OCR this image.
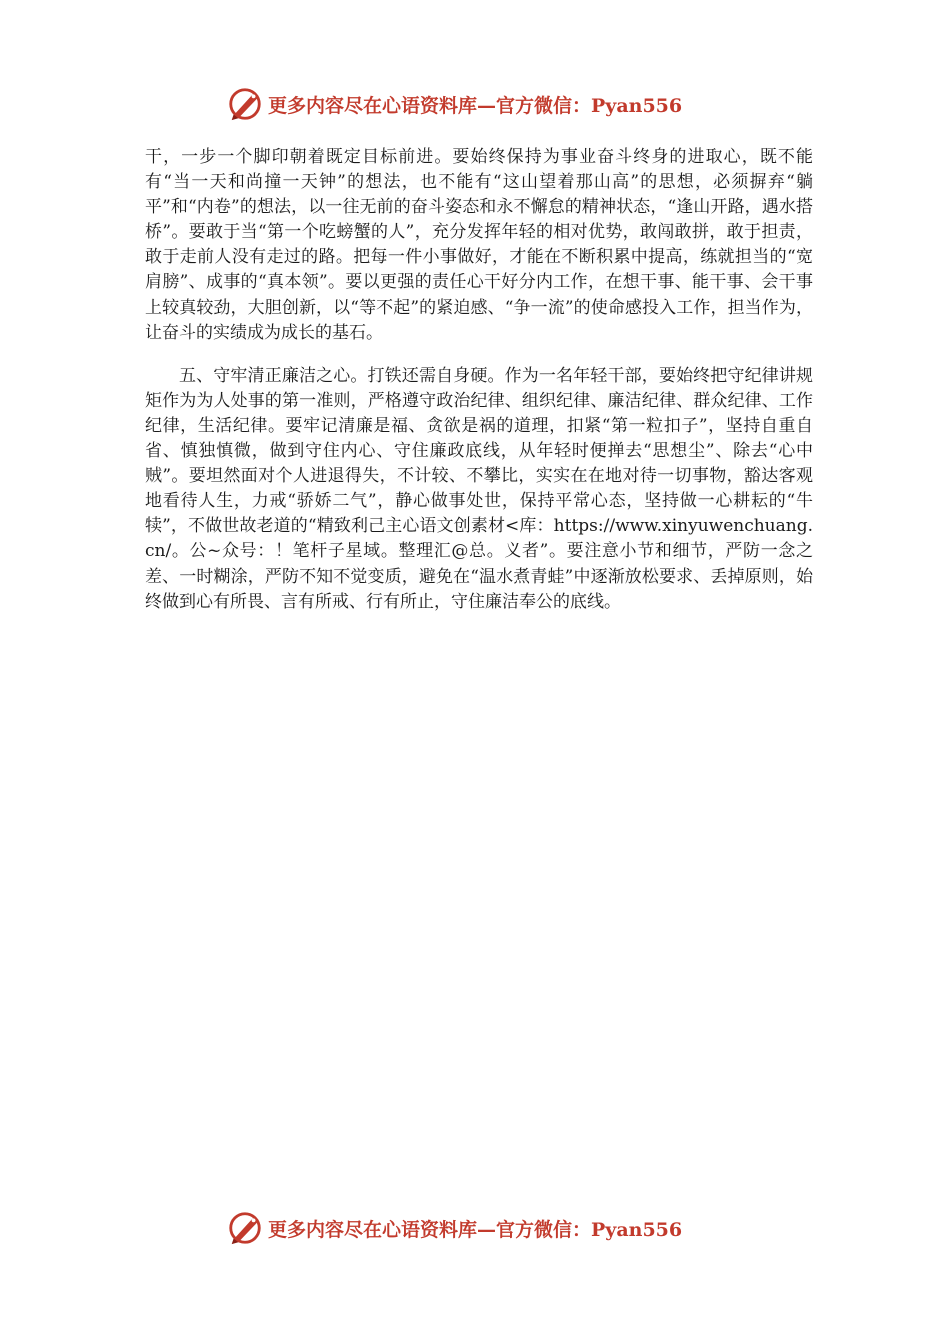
更多内容尽在心语资料库—官方微信：Pyan556

干，一步一个脚印朝着既定目标前进。要始终保持为事业奋斗终身的进取心，既不能有“当一天和尚撞一天钟”的想法，也不能有“这山望着那山高”的思想，必须摒弃“躺平”和“内卷”的想法，以一往无前的奋斗姿态和永不懈怠的精神状态，“逢山开路，遇水搭桥”。要敢于当“第一个吃螃蟹的人”，充分发挥年轻的相对优势，敢闯敢拼，敢于担责，敢于走前人没有走过的路。把每一件小事做好，才能在不断积累中提高，练就担当的“宽肩膀”、成事的“真本领”。要以更强的责任心干好分内工作，在想干事、能干事、会干事上较真较劲，大胆创新，以“等不起”的紧迫感、“争一流”的使命感投入工作，担当作为，让奋斗的实绩成为成长的基石。

五、守牢清正廉洁之心。打铁还需自身硬。作为一名年轻干部，要始终把守纪律讲规矩作为为人处事的第一准则，严格遵守政治纪律、组织纪律、廉洁纪律、群众纪律、工作纪律，生活纪律。要牢记清廉是福、贪欲是祸的道理，扣紧“第一粒扣子”，坚持自重自省、慎独慎微，做到守住内心、守住廉政底线，从年轻时便掸去“思想尘”、除去“心中贼”。要坦然面对个人进退得失，不计较、不攀比，实实在在地对待一切事物，豁达客观地看待人生，力戒“骄娇二气”，静心做事处世，保持平常心态，坚持做一心耕耘的“牛犊”，不做世故老道的“精致利己主心语文创素材<库：https://www.xinyuwenchuang.cn/。公~众号：！笔杆子星域。整理汇@总。义者”。要注意小节和细节，严防一念之差、一时糊涂，严防不知不觉变质，避免在“温水煮青蛙”中逐渐放松要求、丢掉原则，始终做到心有所畏、言有所戒、行有所止，守住廉洁奉公的底线。

更多内容尽在心语资料库—官方微信：Pyan556
